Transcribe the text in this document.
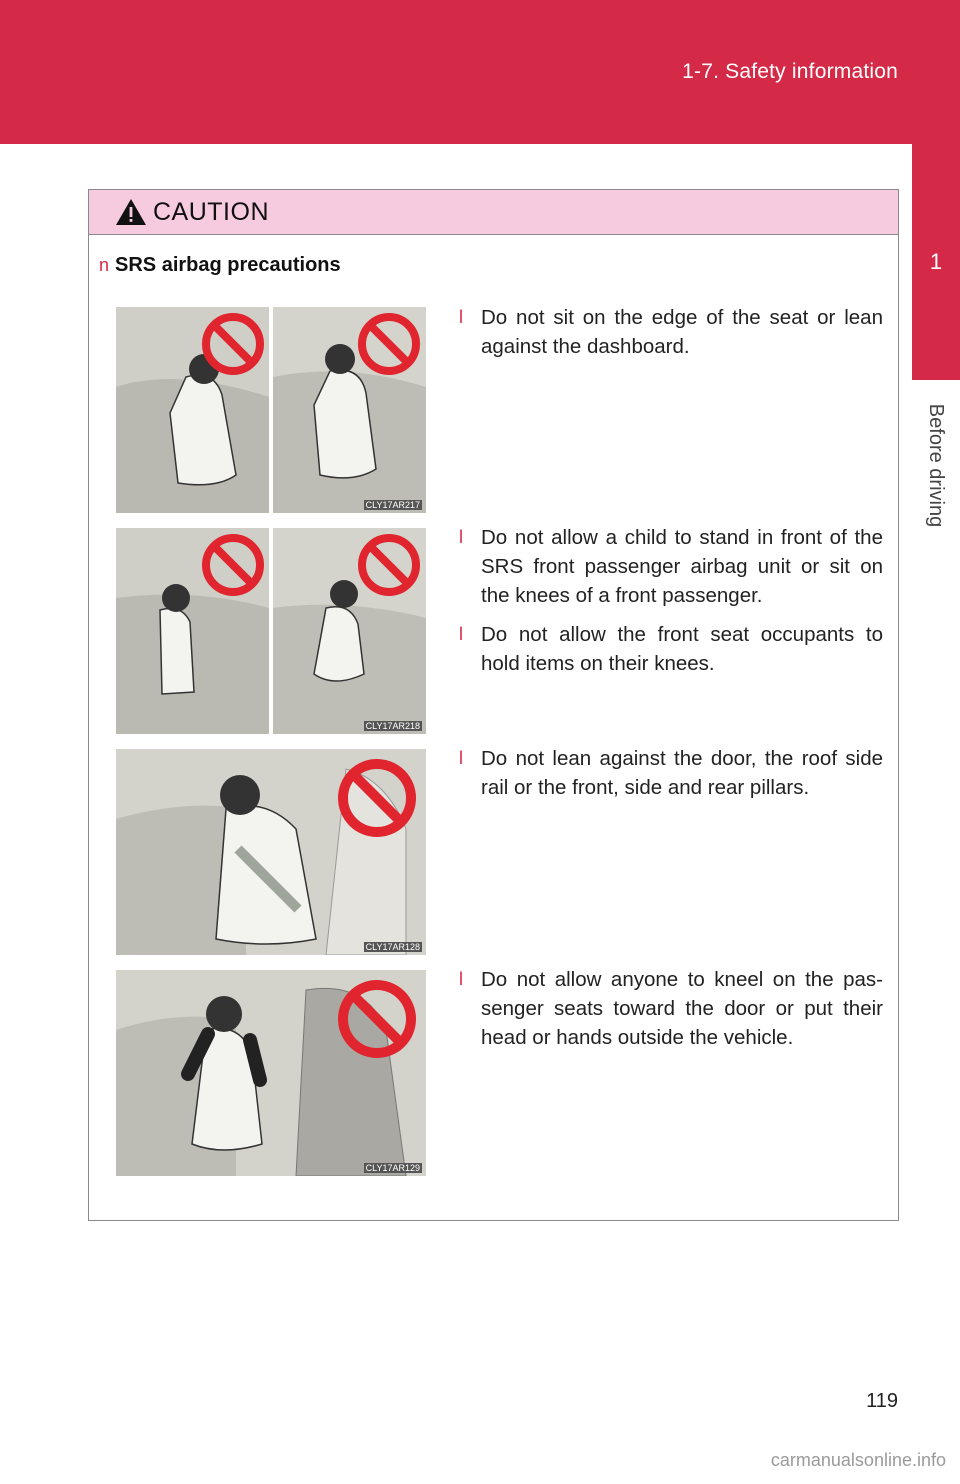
1-7. Safety information
1
Before driving
CAUTION
n SRS airbag precautions
CLY17AR217

l Do not sit on the edge of the seat or lean against the dashboard.

CLY17AR218

l Do not allow a child to stand in front of the SRS front passenger airbag unit or sit on the knees of a front passenger.

l Do not allow the front seat occupants to hold items on their knees.

CLY17AR128

l Do not lean against the door, the roof side rail or the front, side and rear pillars.

CLY17AR129

l Do not allow anyone to kneel on the pas-senger seats toward the door or put their head or hands outside the vehicle.

119
carmanualsonline.info
